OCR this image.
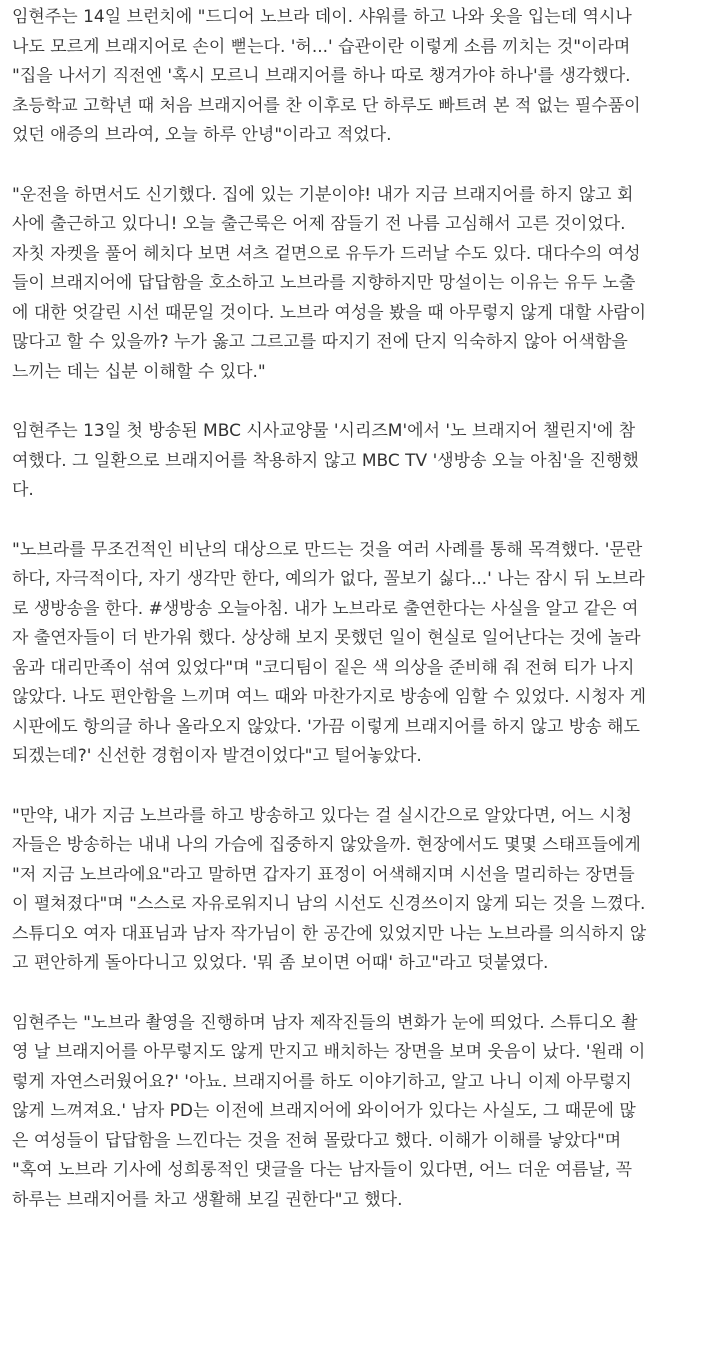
임현주는 14일 브런치에 "드디어 노브라 데이. 샤워를 하고 나와 옷을 입는데 역시나
나도 모르게 브래지어로 손이 뻗는다. '허...' 습관이란 이렇게 소름 끼치는 것"이라며
"집을 나서기 직전엔 '혹시 모르니 브래지어를 하나 따로 챙겨가야 하나'를 생각했다.
초등학교 고학년 때 처음 브래지어를 찬 이후로 단 하루도 빠트려 본 적 없는 필수품이
었던 애증의 브라여, 오늘 하루 안녕"이라고 적었다.
"운전을 하면서도 신기했다. 집에 있는 기분이야! 내가 지금 브래지어를 하지 않고 회
사에 출근하고 있다니! 오늘 출근룩은 어제 잠들기 전 나름 고심해서 고른 것이었다.
자칫 자켓을 풀어 헤치다 보면 셔츠 겉면으로 유두가 드러날 수도 있다. 대다수의 여성
들이 브래지어에 답답함을 호소하고 노브라를 지향하지만 망설이는 이유는 유두 노출
에 대한 엇갈린 시선 때문일 것이다. 노브라 여성을 봤을 때 아무렇지 않게 대할 사람이
많다고 할 수 있을까? 누가 옳고 그르고를 따지기 전에 단지 익숙하지 않아 어색함을
느끼는 데는 십분 이해할 수 있다."
임현주는 13일 첫 방송된 MBC 시사교양물 '시리즈M'에서 '노 브래지어 챌린지'에 참
여했다. 그 일환으로 브래지어를 착용하지 않고 MBC TV '생방송 오늘 아침'을 진행했
다.
"노브라를 무조건적인 비난의 대상으로 만드는 것을 여러 사례를 통해 목격했다. '문란
하다, 자극적이다, 자기 생각만 한다, 예의가 없다, 꼴보기 싫다...' 나는 잠시 뒤 노브라
로 생방송을 한다. #생방송 오늘아침. 내가 노브라로 출연한다는 사실을 알고 같은 여
자 출연자들이 더 반가워 했다. 상상해 보지 못했던 일이 현실로 일어난다는 것에 놀라
움과 대리만족이 섞여 있었다"며 "코디팀이 짙은 색 의상을 준비해 줘 전혀 티가 나지
않았다. 나도 편안함을 느끼며 여느 때와 마찬가지로 방송에 임할 수 있었다. 시청자 게
시판에도 항의글 하나 올라오지 않았다. '가끔 이렇게 브래지어를 하지 않고 방송 해도
되겠는데?' 신선한 경험이자 발견이었다"고 털어놓았다.
"만약, 내가 지금 노브라를 하고 방송하고 있다는 걸 실시간으로 알았다면, 어느 시청
자들은 방송하는 내내 나의 가슴에 집중하지 않았을까. 현장에서도 몇몇 스태프들에게
"저 지금 노브라에요"라고 말하면 갑자기 표정이 어색해지며 시선을 멀리하는 장면들
이 펼쳐졌다"며 "스스로 자유로워지니 남의 시선도 신경쓰이지 않게 되는 것을 느꼈다.
스튜디오 여자 대표님과 남자 작가님이 한 공간에 있었지만 나는 노브라를 의식하지 않
고 편안하게 돌아다니고 있었다. '뭐 좀 보이면 어때' 하고"라고 덧붙였다.
임현주는 "노브라 촬영을 진행하며 남자 제작진들의 변화가 눈에 띄었다. 스튜디오 촬
영 날 브래지어를 아무렇지도 않게 만지고 배치하는 장면을 보며 웃음이 났다. '원래 이
렇게 자연스러웠어요?' '아뇨. 브래지어를 하도 이야기하고, 알고 나니 이제 아무렇지
않게 느껴져요.' 남자 PD는 이전에 브래지어에 와이어가 있다는 사실도, 그 때문에 많
은 여성들이 답답함을 느낀다는 것을 전혀 몰랐다고 했다. 이해가 이해를 낳았다"며
"혹여 노브라 기사에 성희롱적인 댓글을 다는 남자들이 있다면, 어느 더운 여름날, 꼭
하루는 브래지어를 차고 생활해 보길 권한다"고 했다.
